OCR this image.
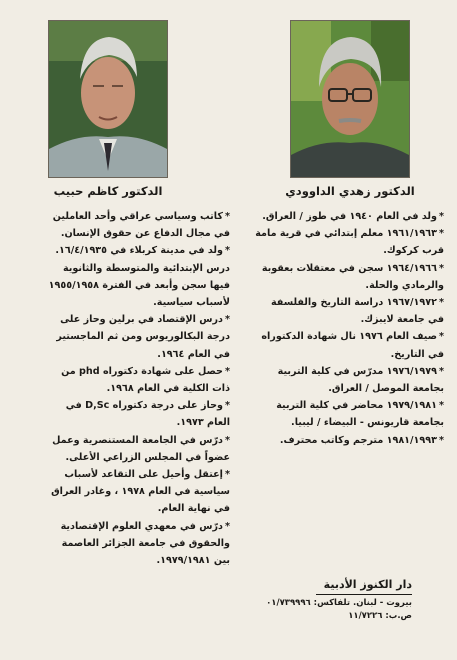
الدكتور كاظم حبيب	الدكتور زهدي الداوودي

*كاتب وسياسي عراقي وأحد العاملين في مجال الدفاع عن حقوق الإنسان.

*ولد في مدينة كربلاء في ١٦/٤/١٩٣٥.

درس الإبتدائية والمتوسطة والثانوية فيها سجن وأبعد في الفترة ١٩٥٥/١٩٥٨ لأسباب سياسية.

*درس الإقتصاد في برلين وحاز على درجة البكالوريوس ومن ثم الماجستير في العام ١٩٦٤.

*حصل على شهادة دكتوراه phd من ذات الكلية في العام ١٩٦٨.

*وحاز على درجة دكتوراه D,Sc في العام ١٩٧٣.

*درّس في الجامعة المستنصرية وعمل عضواً في المجلس الزراعي الأعلى.

*إعتقل وأحيل على التقاعد لأسباب سياسية في العام ١٩٧٨ ، وغادر العراق في نهاية العام.

*درّس في معهدي العلوم الإقتصادية والحقوق في جامعة الجزائر العاصمة بين ١٩٧٩/١٩٨١.

*ولد في العام ١٩٤٠ في طوز / العراق.

*١٩٦١/١٩٦٣ معلم إبتدائي في قرية مامة قرب كركوك.

*١٩٦٤/١٩٦٦ سجن في معتقلات بعقوبة والرمادي والحلة.

*١٩٦٧/١٩٧٢ دراسة التاريخ والفلسفة في جامعة لايبزك.

*صيف العام ١٩٧٦ نال شهادة الدكتوراه في التاريخ.

*١٩٧٦/١٩٧٩ مدرّس في كلية التربية بجامعة الموصل / العراق.

*١٩٧٩/١٩٨١ محاضر في كلية التربية بجامعة قاريونس - البيضاء / ليبيا.

*١٩٨١/١٩٩٣ مترجم وكاتب محترف.

دار الكنوز الأدبية
بيروت - لبنان. تلفاكس: ٠١/٧٣٩٩٩٦
ص.ب: ١١/٧٢٢٦
